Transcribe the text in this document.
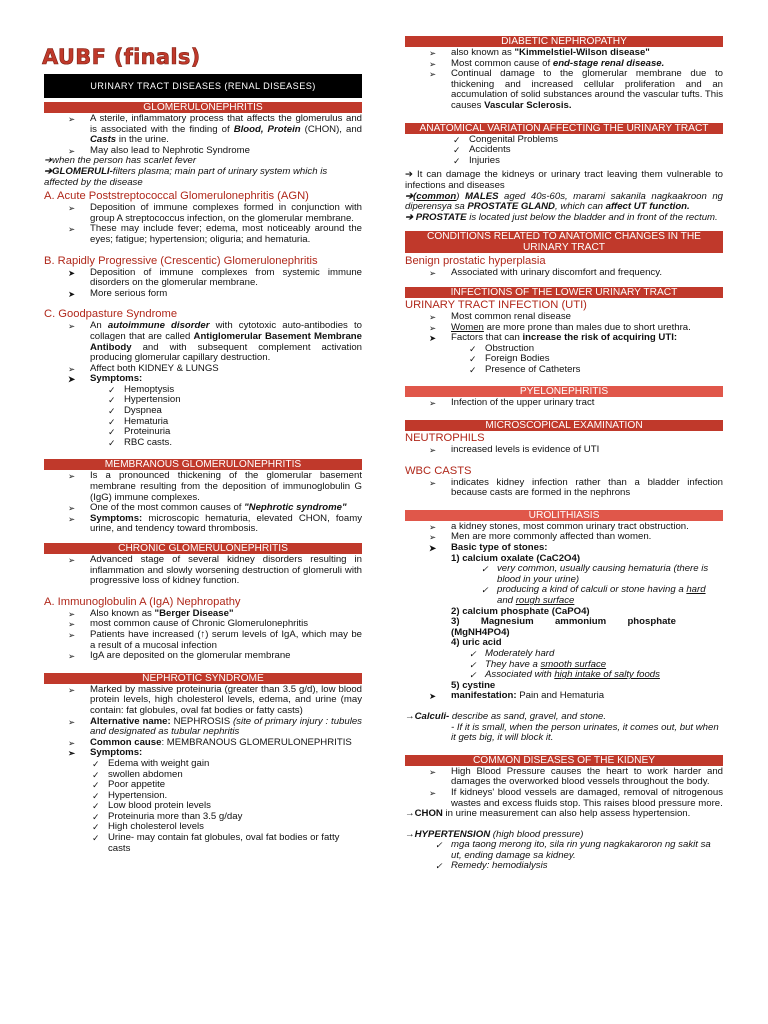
AUBF (finals)
URINARY TRACT DISEASES (RENAL DISEASES)
GLOMERULONEPHRITIS
➢ A sterile, inflammatory process that affects the glomerulus and is associated with the finding of Blood, Protein (CHON), and Casts in the urine.
➢ May also lead to Nephrotic Syndrome
➔when the person has scarlet fever
➔GLOMERULI-filters plasma; main part of urinary system which is affected by the disease
A. Acute Poststreptococcal Glomerulonephritis (AGN)
➢ Deposition of immune complexes formed in conjunction with group A streptococcus infection, on the glomerular membrane.
➢ These may include fever; edema, most noticeably around the eyes; fatigue; hypertension; oliguria; and hematuria.
B. Rapidly Progressive (Crescentic) Glomerulonephritis
➤ Deposition of immune complexes from systemic immune disorders on the glomerular membrane.
➤ More serious form
C. Goodpasture Syndrome
➢ An autoimmune disorder with cytotoxic auto-antibodies to collagen that are called Antiglomerular Basement Membrane Antibody and with subsequent complement activation producing glomerular capillary destruction.
➢ Affect both KIDNEY & LUNGS
➤ Symptoms:
✓ Hemoptysis
✓ Hypertension
✓ Dyspnea
✓ Hematuria
✓ Proteinuria
✓ RBC casts.
MEMBRANOUS GLOMERULONEPHRITIS
➢ Is a pronounced thickening of the glomerular basement membrane resulting from the deposition of immunoglobulin G (IgG) immune complexes.
➢ One of the most common causes of "Nephrotic syndrome"
➢ Symptoms: microscopic hematuria, elevated CHON, foamy urine, and tendency toward thrombosis.
CHRONIC GLOMERULONEPHRITIS
➢ Advanced stage of several kidney disorders resulting in inflammation and slowly worsening destruction of glomeruli with progressive loss of kidney function.
A. Immunoglobulin A (IgA) Nephropathy
➢ Also known as "Berger Disease"
➢ most common cause of Chronic Glomerulonephritis
➢ Patients have increased (↑) serum levels of IgA, which may be a result of a mucosal infection
➢ IgA are deposited on the glomerular membrane
NEPHROTIC SYNDROME
➢ Marked by massive proteinuria (greater than 3.5 g/d), low blood protein levels, high cholesterol levels, edema, and urine (may contain: fat globules, oval fat bodies or fatty casts)
➢ Alternative name: NEPHROSIS (site of primary injury : tubules and designated as tubular nephritis
➢ Common cause: MEMBRANOUS GLOMERULONEPHRITIS
➢ Symptoms:
✓ Edema with weight gain
✓ swollen abdomen
✓ Poor appetite
✓ Hypertension.
✓ Low blood protein levels
✓ Proteinuria more than 3.5 g/day
✓ High cholesterol levels
✓ Urine- may contain fat globules, oval fat bodies or fatty casts
DIABETIC NEPHROPATHY
➢ also known as "Kimmelstiel-Wilson disease"
➢ Most common cause of end-stage renal disease.
➢ Continual damage to the glomerular membrane due to thickening and increased cellular proliferation and an accumulation of solid substances around the vascular tufts. This causes Vascular Sclerosis.
ANATOMICAL VARIATION AFFECTING THE URINARY TRACT
✓ Congenital Problems
✓ Accidents
✓ Injuries
➔ It can damage the kidneys or urinary tract leaving them vulnerable to infections and diseases
➔(common) MALES aged 40s-60s, marami sakanila nagkaakroon ng diperensya sa PROSTATE GLAND, which can affect UT function.
➔ PROSTATE is located just below the bladder and in front of the rectum.
CONDITIONS RELATED TO ANATOMIC CHANGES IN THE URINARY TRACT
Benign prostatic hyperplasia
➢ Associated with urinary discomfort and frequency.
INFECTIONS OF THE LOWER URINARY TRACT
URINARY TRACT INFECTION (UTI)
➢ Most common renal disease
➢ Women are more prone than males due to short urethra.
➤ Factors that can increase the risk of acquiring UTI:
✓ Obstruction
✓ Foreign Bodies
✓ Presence of Catheters
PYELONEPHRITIS
➢ Infection of the upper urinary tract
MICROSCOPICAL EXAMINATION
NEUTROPHILS
➢ increased levels is evidence of UTI
WBC CASTS
➢ indicates kidney infection rather than a bladder infection because casts are formed in the nephrons
UROLITHIASIS
➢ a kidney stones, most common urinary tract obstruction.
➢ Men are more commonly affected than women.
➤ Basic type of stones:
1) calcium oxalate (CaC2O4)
✓ very common, usually causing hematuria (there is blood in your urine)
✓ producing a kind of calculi or stone having a hard and rough surface
2) calcium phosphate (CaPO4)
3)        Magnesium        ammonium        phosphate (MgNH4PO4)
4) uric acid
✓ Moderately hard
✓ They have a smooth surface
✓ Associated with high intake of salty foods
5) cystine
➤ manifestation: Pain and Hematuria
→Calculi- describe as sand, gravel, and stone.
- If it is small, when the person urinates, it comes out, but when it gets big, it will block it.
COMMON DISEASES OF THE KIDNEY
➢ High Blood Pressure causes the heart to work harder and damages the overworked blood vessels throughout the body.
➢ If kidneys' blood vessels are damaged, removal of nitrogenous wastes and excess fluids stop. This raises blood pressure more.
→CHON in urine measurement can also help assess hypertension.
→HYPERTENSION (high blood pressure)
✓ mga taong merong ito, sila rin yung nagkakaroron ng sakit sa ut, ending damage sa kidney.
✓ Remedy: hemodialysis
